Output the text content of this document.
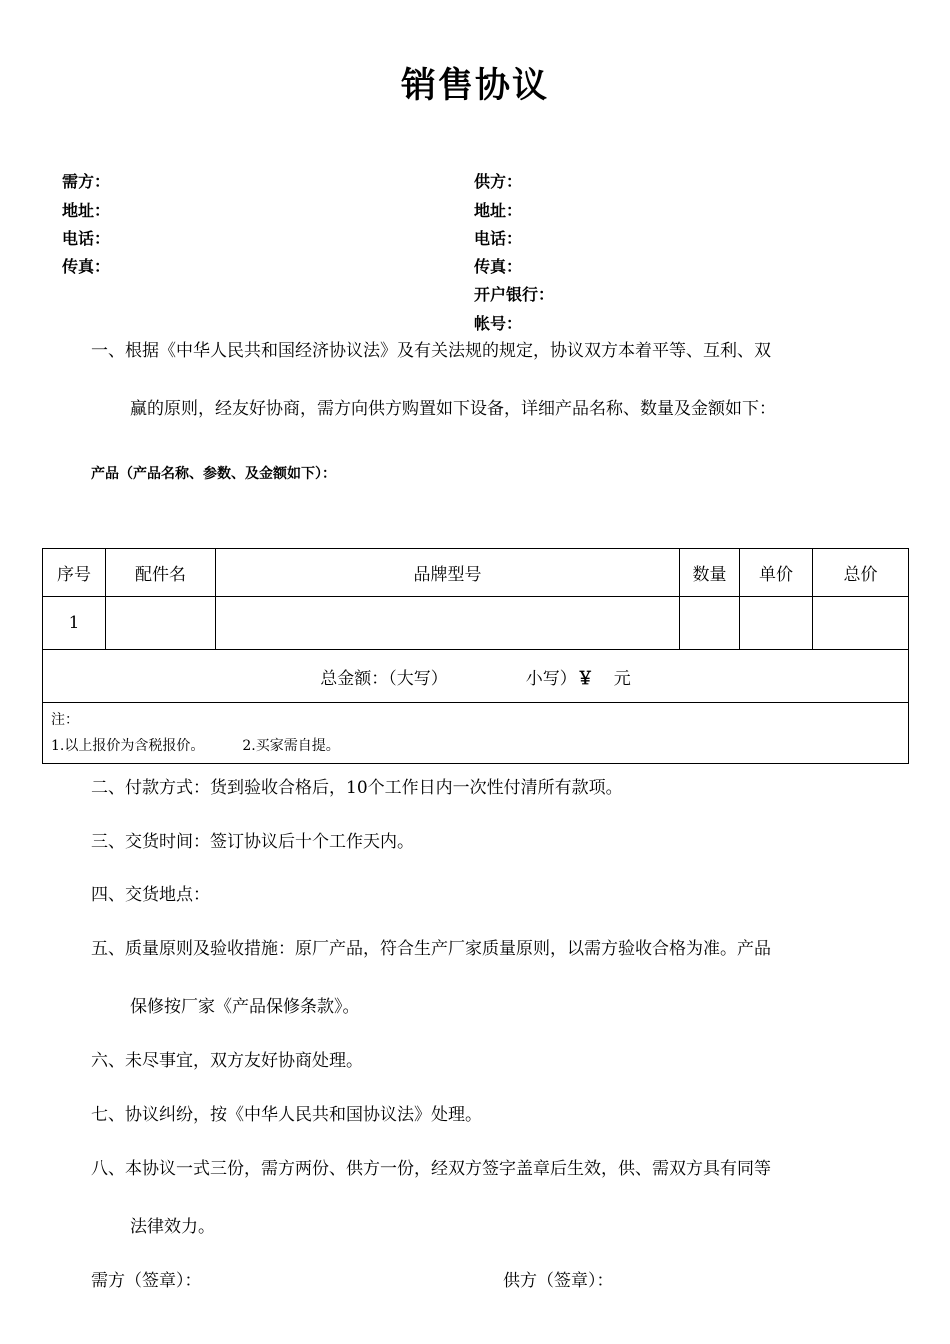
销售协议
需方：
地址：
电话：
传真：
供方：
地址：
电话：
传真：
开户银行：
帐号：
一、根据《中华人民共和国经济协议法》及有关法规的规定，协议双方本着平等、互利、双
赢的原则，经友好协商，需方向供方购置如下设备，详细产品名称、数量及金额如下：
产品（产品名称、参数、及金额如下）：
序号	配件名	品牌型号	数量	单价	总价
1					
总金额：（大写） 小写）￥ 元					

注：
1.以上报价为含税报价。 2.买家需自提。					
二、付款方式：货到验收合格后，10个工作日内一次性付清所有款项。
三、交货时间：签订协议后十个工作天内。
四、交货地点：
五、质量原则及验收措施：原厂产品，符合生产厂家质量原则，以需方验收合格为准。产品
保修按厂家《产品保修条款》。
六、未尽事宜，双方友好协商处理。
七、协议纠纷，按《中华人民共和国协议法》处理。
八、本协议一式三份，需方两份、供方一份，经双方签字盖章后生效，供、需双方具有同等
法律效力。
需方（签章）：	供方（签章）：
